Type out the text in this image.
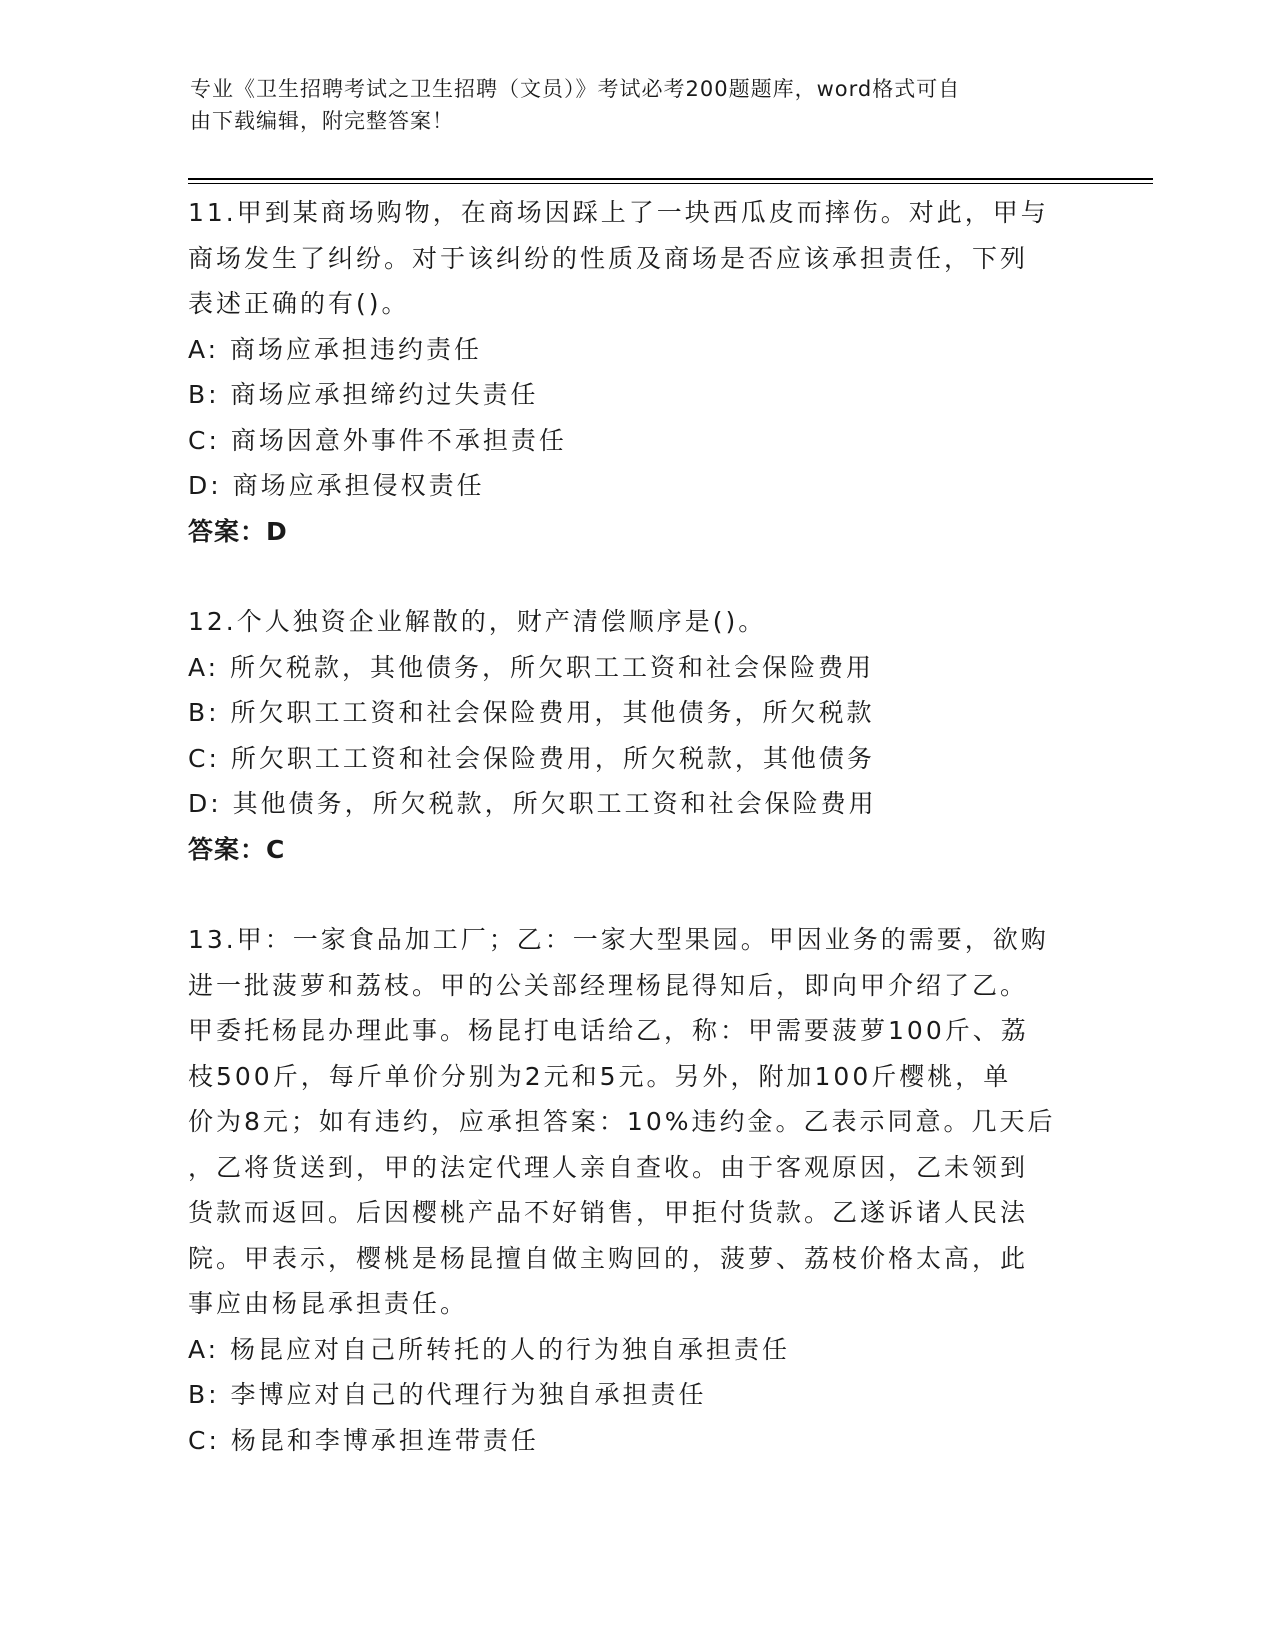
专业《卫生招聘考试之卫生招聘（文员）》考试必考200题题库，word格式可自
由下载编辑，附完整答案！
11.甲到某商场购物，在商场因踩上了一块西瓜皮而摔伤。对此，甲与
商场发生了纠纷。对于该纠纷的性质及商场是否应该承担责任，下列
表述正确的有()。
A: 商场应承担违约责任
B: 商场应承担缔约过失责任
C: 商场因意外事件不承担责任
D: 商场应承担侵权责任
答案：D
12.个人独资企业解散的，财产清偿顺序是()。
A: 所欠税款，其他债务，所欠职工工资和社会保险费用
B: 所欠职工工资和社会保险费用，其他债务，所欠税款
C: 所欠职工工资和社会保险费用，所欠税款，其他债务
D: 其他债务，所欠税款，所欠职工工资和社会保险费用
答案：C
13.甲：一家食品加工厂；乙：一家大型果园。甲因业务的需要，欲购
进一批菠萝和荔枝。甲的公关部经理杨昆得知后，即向甲介绍了乙。
甲委托杨昆办理此事。杨昆打电话给乙，称：甲需要菠萝100斤、荔
枝500斤，每斤单价分别为2元和5元。另外，附加100斤樱桃，单
价为8元；如有违约，应承担答案：10%违约金。乙表示同意。几天后
，乙将货送到，甲的法定代理人亲自查收。由于客观原因，乙未领到
货款而返回。后因樱桃产品不好销售，甲拒付货款。乙遂诉诸人民法
院。甲表示，樱桃是杨昆擅自做主购回的，菠萝、荔枝价格太高，此
事应由杨昆承担责任。
A: 杨昆应对自己所转托的人的行为独自承担责任
B: 李博应对自己的代理行为独自承担责任
C: 杨昆和李博承担连带责任
